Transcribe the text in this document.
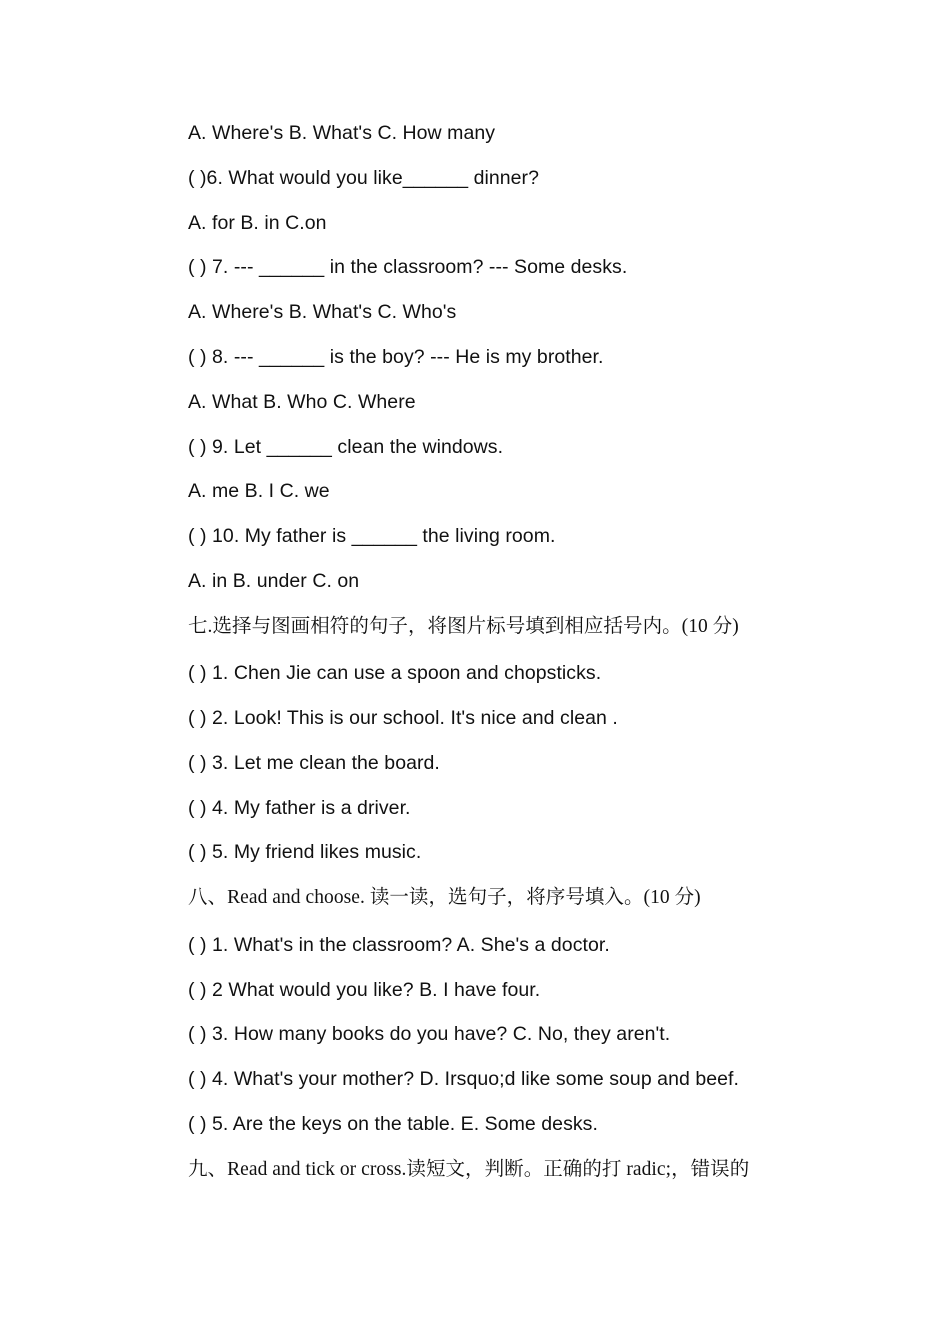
A. Where's B. What's C. How many
( )6. What would you like______ dinner?
A. for B. in C.on
( ) 7. --- ______ in the classroom? --- Some desks.
A. Where's B. What's C. Who's
( ) 8. --- ______ is the boy? --- He is my brother.
A. What B. Who C. Where
( ) 9. Let ______ clean the windows.
A. me B. I C. we
( ) 10. My father is ______ the living room.
A. in B. under C. on
七.选择与图画相符的句子，将图片标号填到相应括号内。(10 分)
( ) 1. Chen Jie can use a spoon and chopsticks.
( ) 2. Look! This is our school. It's nice and clean .
( ) 3. Let me clean the board.
( ) 4. My father is a driver.
( ) 5. My friend likes music.
八、Read and choose. 读一读，选句子，将序号填入。(10 分)
( ) 1. What's in the classroom? A. She's a doctor.
( ) 2 What would you like? B. I have four.
( ) 3. How many books do you have? C. No, they aren't.
( ) 4. What's your mother? D. Irsquo;d like some soup and beef.
( ) 5. Are the keys on the table. E. Some desks.
九、Read and tick or cross.读短文，判断。正确的打 radic;，错误的
